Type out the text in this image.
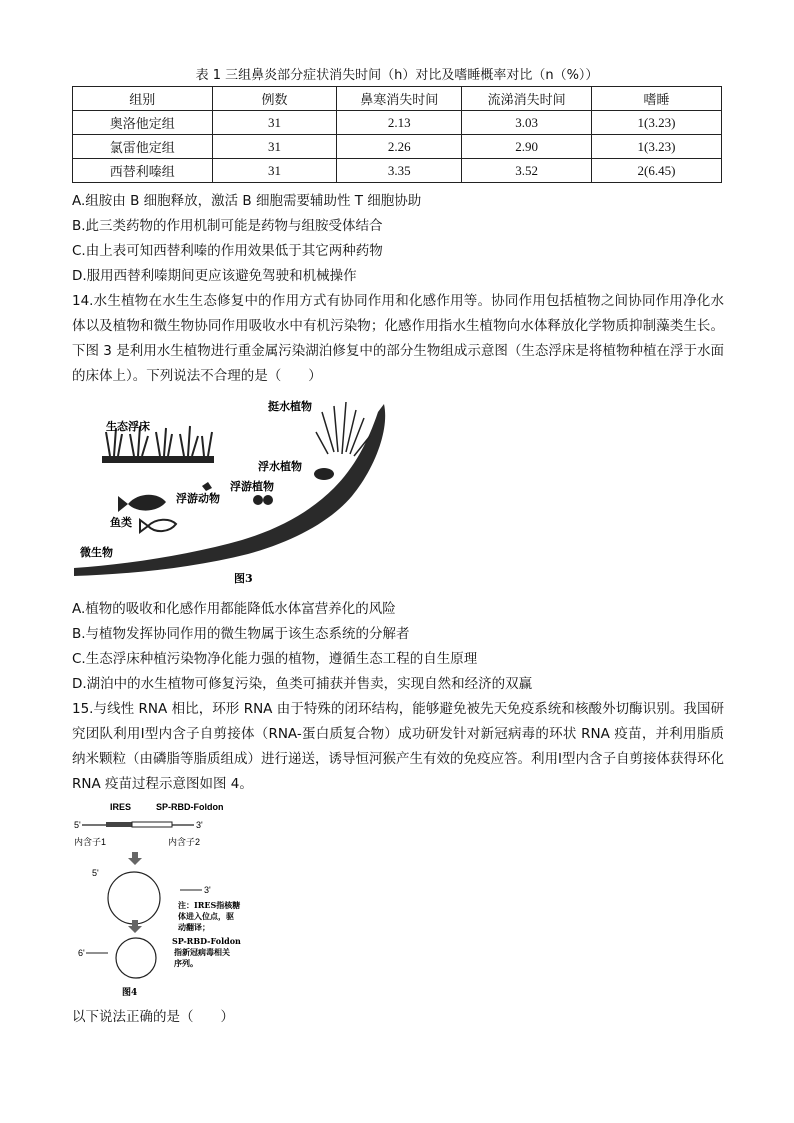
表 1 三组鼻炎部分症状消失时间（h）对比及嗜睡概率对比（n（%））
组别	例数	鼻寒消失时间	流涕消失时间	嗜睡
奥洛他定组	31	2.13	3.03	1(3.23)
氯雷他定组	31	2.26	2.90	1(3.23)
西替利嗪组	31	3.35	3.52	2(6.45)
A.组胺由 B 细胞释放，激活 B 细胞需要辅助性 T 细胞协助
B.此三类药物的作用机制可能是药物与组胺受体结合
C.由上表可知西替利嗪的作用效果低于其它两种药物
D.服用西替利嗪期间更应该避免驾驶和机械操作
14.水生植物在水生生态修复中的作用方式有协同作用和化感作用等。协同作用包括植物之间协同作用净化水体以及植物和微生物协同作用吸收水中有机污染物；化感作用指水生植物向水体释放化学物质抑制藻类生长。下图 3 是利用水生植物进行重金属污染湖泊修复中的部分生物组成示意图（生态浮床是将植物种植在浮于水面的床体上）。下列说法不合理的是（　　）
生态浮床
挺水植物
浮水植物
浮游动物
浮游植物
鱼类
微生物
图3
A.植物的吸收和化感作用都能降低水体富营养化的风险
B.与植物发挥协同作用的微生物属于该生态系统的分解者
C.生态浮床种植污染物净化能力强的植物，遵循生态工程的自生原理
D.湖泊中的水生植物可修复污染，鱼类可捕获并售卖，实现自然和经济的双赢
15.与线性 RNA 相比，环形 RNA 由于特殊的闭环结构，能够避免被先天免疫系统和核酸外切酶识别。我国研究团队利用Ⅰ型内含子自剪接体（RNA-蛋白质复合物）成功研发针对新冠病毒的环状 RNA 疫苗，并利用脂质纳米颗粒（由磷脂等脂质组成）进行递送，诱导恒河猴产生有效的免疫应答。利用Ⅰ型内含子自剪接体获得环化 RNA 疫苗过程示意图如图 4。
IRES	SP-RBD-Foldon
5'	3'
内含子1	内含子2
5'
3'
注：IRES指核糖
体进入位点，驱
动翻译；
SP-RBD-Foldon
指新冠病毒相关
序列。
6'
图4
以下说法正确的是（　　）
